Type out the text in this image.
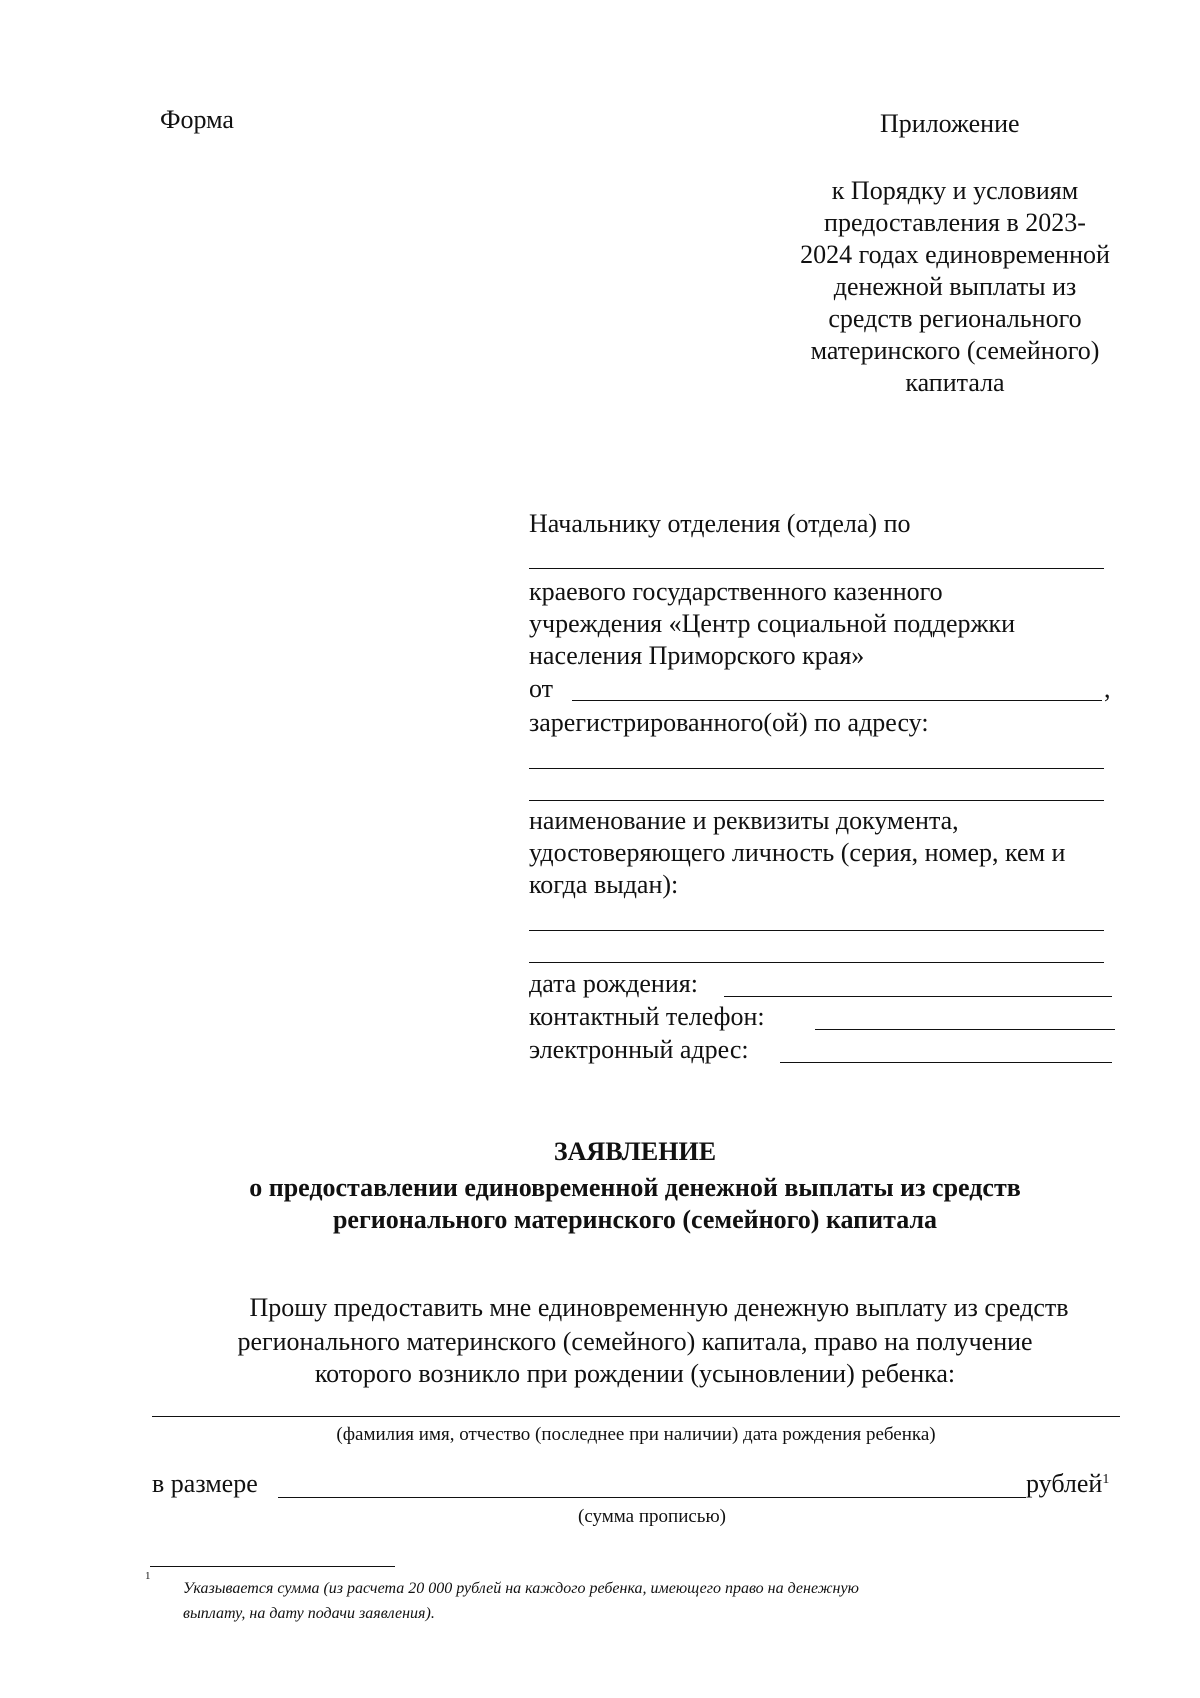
Форма	Приложение
к Порядку и условиям
предоставления в 2023-
2024 годах единовременной
денежной выплаты из
средств регионального
материнского (семейного)
капитала
Начальнику отделения (отдела) по
краевого государственного казенного
учреждения «Центр социальной поддержки
населения Приморского края»
от	,
зарегистрированного(ой) по адресу:
наименование и реквизиты документа,
удостоверяющего личность (серия, номер, кем и
когда выдан):
дата рождения:
контактный телефон:
электронный адрес:
ЗАЯВЛЕНИЕ
о предоставлении единовременной денежной выплаты из средств
регионального материнского (семейного) капитала
Прошу предоставить мне единовременную денежную выплату из средств
регионального материнского (семейного) капитала, право на получение
которого возникло при рождении (усыновлении) ребенка:
(фамилия имя, отчество (последнее при наличии) дата рождения ребенка)
в размере	рублей$^1$
(сумма прописью)
1
Указывается сумма (из расчета 20 000 рублей на каждого ребенка, имеющего право на денежную
выплату, на дату подачи заявления).
